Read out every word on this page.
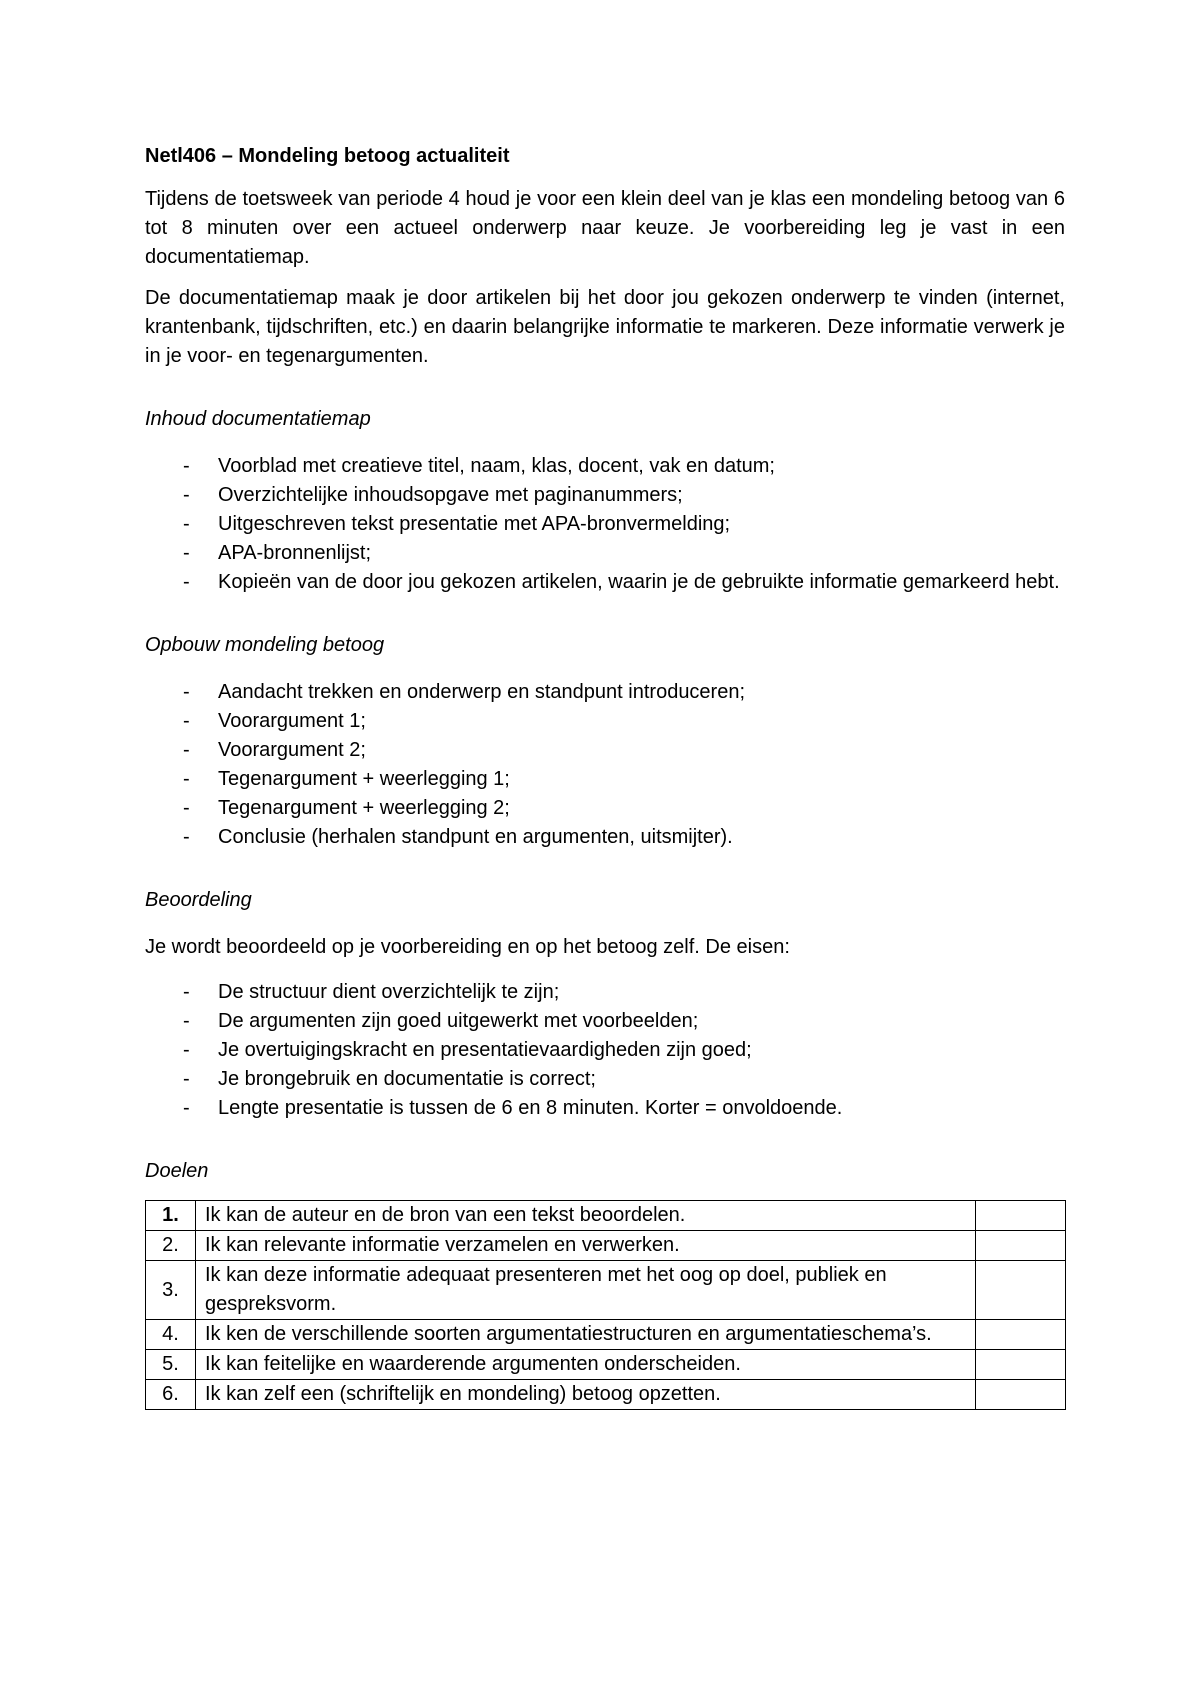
Netl406 – Mondeling betoog actualiteit

Tijdens de toetsweek van periode 4 houd je voor een klein deel van je klas een mondeling betoog van 6 tot 8 minuten over een actueel onderwerp naar keuze. Je voorbereiding leg je vast in een documentatiemap.

De documentatiemap maak je door artikelen bij het door jou gekozen onderwerp te vinden (internet, krantenbank, tijdschriften, etc.) en daarin belangrijke informatie te markeren. Deze informatie verwerk je in je voor- en tegenargumenten.

Inhoud documentatiemap
- Voorblad met creatieve titel, naam, klas, docent, vak en datum;
- Overzichtelijke inhoudsopgave met paginanummers;
- Uitgeschreven tekst presentatie met APA-bronvermelding;
- APA-bronnenlijst;
- Kopieën van de door jou gekozen artikelen, waarin je de gebruikte informatie gemarkeerd hebt.
Opbouw mondeling betoog
- Aandacht trekken en onderwerp en standpunt introduceren;
- Voorargument 1;
- Voorargument 2;
- Tegenargument + weerlegging 1;
- Tegenargument + weerlegging 2;
- Conclusie (herhalen standpunt en argumenten, uitsmijter).
Beoordeling

Je wordt beoordeeld op je voorbereiding en op het betoog zelf. De eisen:

- De structuur dient overzichtelijk te zijn;
- De argumenten zijn goed uitgewerkt met voorbeelden;
- Je overtuigingskracht en presentatievaardigheden zijn goed;
- Je brongebruik en documentatie is correct;
- Lengte presentatie is tussen de 6 en 8 minuten. Korter = onvoldoende.
Doelen
1.	Ik kan de auteur en de bron van een tekst beoordelen.	
2.	Ik kan relevante informatie verzamelen en verwerken.	
3.	Ik kan deze informatie adequaat presenteren met het oog op doel, publiek en gespreksvorm.	
4.	Ik ken de verschillende soorten argumentatiestructuren en argumentatieschema’s.	
5.	Ik kan feitelijke en waarderende argumenten onderscheiden.	
6.	Ik kan zelf een (schriftelijk en mondeling) betoog opzetten.	
